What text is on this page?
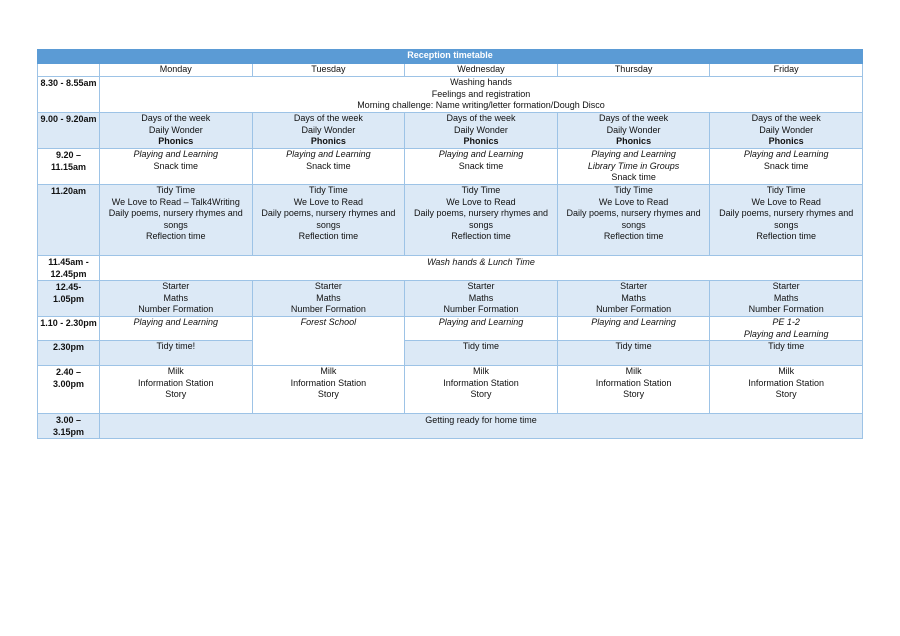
Reception timetable					
	Monday	Tuesday	Wednesday	Thursday	Friday
8.30 - 8.55am	Washing hands
Feelings and registration
Morning challenge: Name writing/letter formation/Dough Disco				

9.00 - 9.20am	Days of the week
Daily Wonder
Phonics	Days of the week
Daily Wonder
Phonics	Days of the week
Daily Wonder
Phonics	Days of the week
Daily Wonder
Phonics	Days of the week
Daily Wonder
Phonics

9.20 – 11.15am	Playing and Learning
Snack time	Playing and Learning
Snack time	Playing and Learning
Snack time	Playing and Learning
Library Time in Groups
Snack time	Playing and Learning
Snack time

11.20am	Tidy Time
We Love to Read – Talk4Writing
Daily poems, nursery rhymes and songs
Reflection time	Tidy Time
We Love to Read
Daily poems, nursery rhymes and songs
Reflection time	Tidy Time
We Love to Read
Daily poems, nursery rhymes and songs
Reflection time	Tidy Time
We Love to Read
Daily poems, nursery rhymes and songs
Reflection time	Tidy Time
We Love to Read
Daily poems, nursery rhymes and songs
Reflection time

11.45am - 12.45pm	Wash hands & Lunch Time				
12.45- 1.05pm	Starter
Maths
Number Formation	Starter
Maths
Number Formation	Starter
Maths
Number Formation	Starter
Maths
Number Formation	Starter
Maths
Number Formation

1.10 - 2.30pm	Playing and Learning	Forest School	Playing and Learning	Playing and Learning	PE 1-2
Playing and Learning

2.30pm	Tidy time!		Tidy time	Tidy time	Tidy time
2.40 – 3.00pm	Milk
Information Station
Story	Milk
Information Station
Story	Milk
Information Station
Story	Milk
Information Station
Story	Milk
Information Station
Story

3.00 – 3.15pm	Getting ready for home time				
